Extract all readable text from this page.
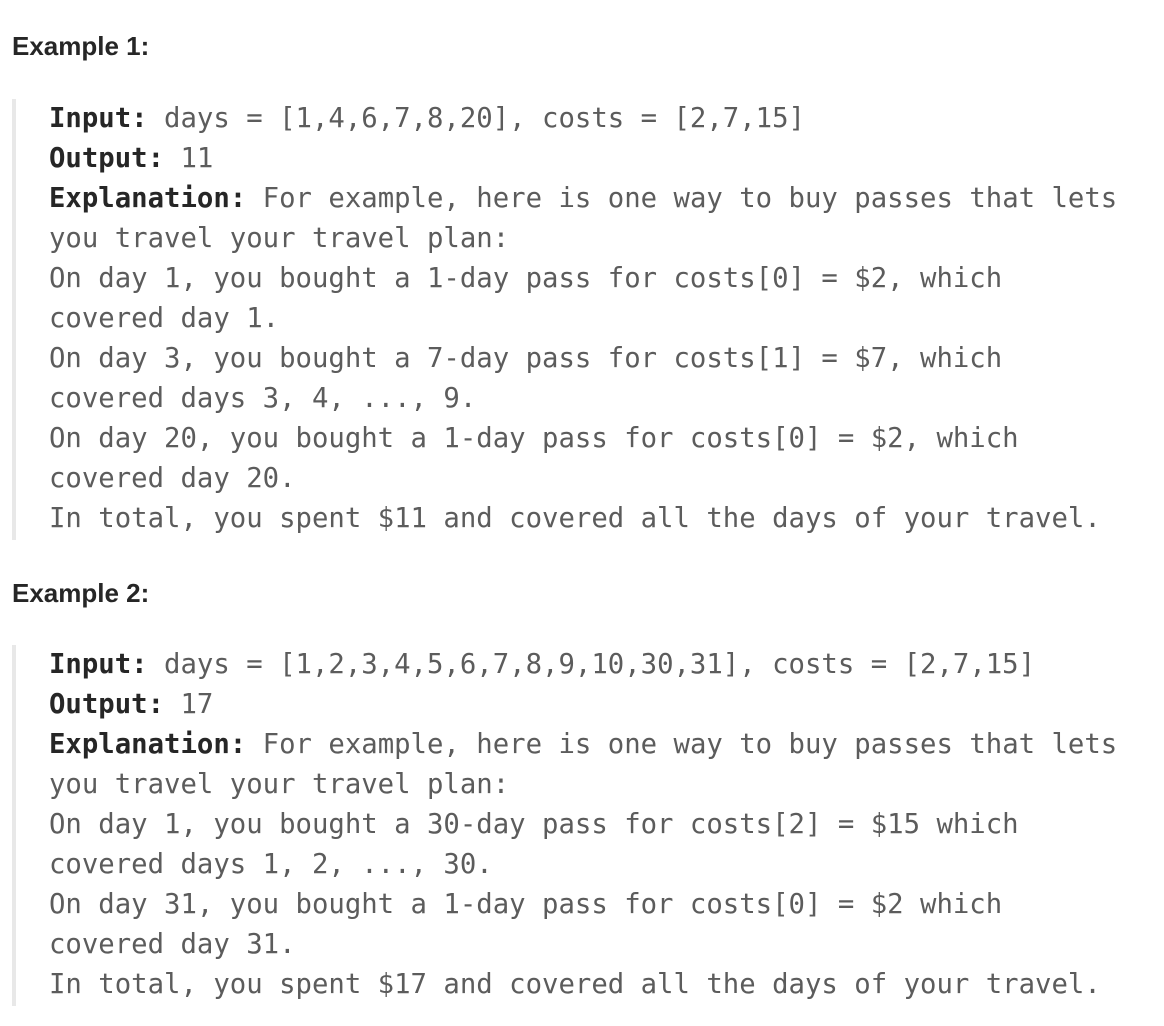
Example 1:
Input: days = [1,4,6,7,8,20], costs = [2,7,15]
Output: 11
Explanation: For example, here is one way to buy passes that lets
you travel your travel plan:
On day 1, you bought a 1-day pass for costs[0] = $2, which
covered day 1.
On day 3, you bought a 7-day pass for costs[1] = $7, which
covered days 3, 4, ..., 9.
On day 20, you bought a 1-day pass for costs[0] = $2, which
covered day 20.
In total, you spent $11 and covered all the days of your travel.
Example 2:
Input: days = [1,2,3,4,5,6,7,8,9,10,30,31], costs = [2,7,15]
Output: 17
Explanation: For example, here is one way to buy passes that lets
you travel your travel plan:
On day 1, you bought a 30-day pass for costs[2] = $15 which
covered days 1, 2, ..., 30.
On day 31, you bought a 1-day pass for costs[0] = $2 which
covered day 31.
In total, you spent $17 and covered all the days of your travel.
